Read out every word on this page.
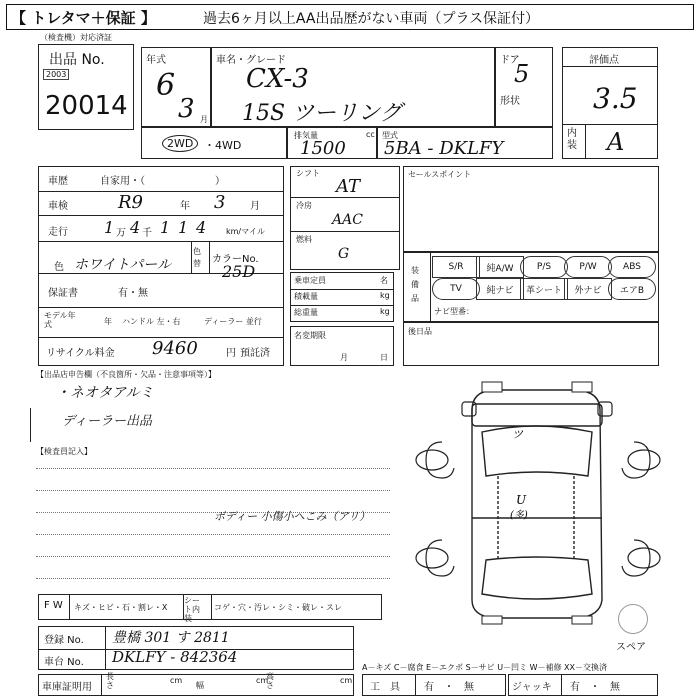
【 トレタマ＋保証 】	過去6ヶ月以上AA出品歴がない車両（プラス保証付）
（検査機）対応済証
出品 No.
2003
20014
年式
6
3 月
車名・グレード
CX-3
15S ツーリング
ドア
5
形状
評価点
3.5
内装 A
2WD ・4WD
排気量	cc
1500
型式
5BA - DKLFY
車歴	自家用・（　　　　　　　）
車検	R9	年 3 月
走行 1 万 4 千 1 1 4 km/マイル
色 ホワイトパール
色替 カラーNo.
25D
保証書	有・無
モデル年式	年 ハンドル 左・右	ディーラー 並行
リサイクル料金 9460	円 預託済
シフト
AT
冷房
AAC
燃料
G
乗車定員	名
積載量	kg
総重量	kg
名変期限
月	日
セールスポイント
装備品
S/R	純A/W	P/S	P/W	ABS
TV	純ナビ 革シート 外ナビ エアB
ナビ型番：
後日品
【出品店申告欄（不良箇所・欠品・注意事項等）】
・ネオタアルミ
ディーラー出品
【検査員記入】
ボディー 小傷小へこみ（アリ）
ツ
U
(多)
スペア
F W キズ・ヒビ・石・割レ・X
シート内装
コゲ・穴・汚レ・シミ・破レ・スレ
登録 No. 豊橋 301 す 2811
車台 No. DKLFY - 842364
A－キズ C－腐食 E－エクボ S－サビ U－凹ミ W－補修 XX－交換済
車庫証明用
長さ
cm
幅
cm
高さ
cm
工　具 有　・　無	ジャッキ 有　・　無
